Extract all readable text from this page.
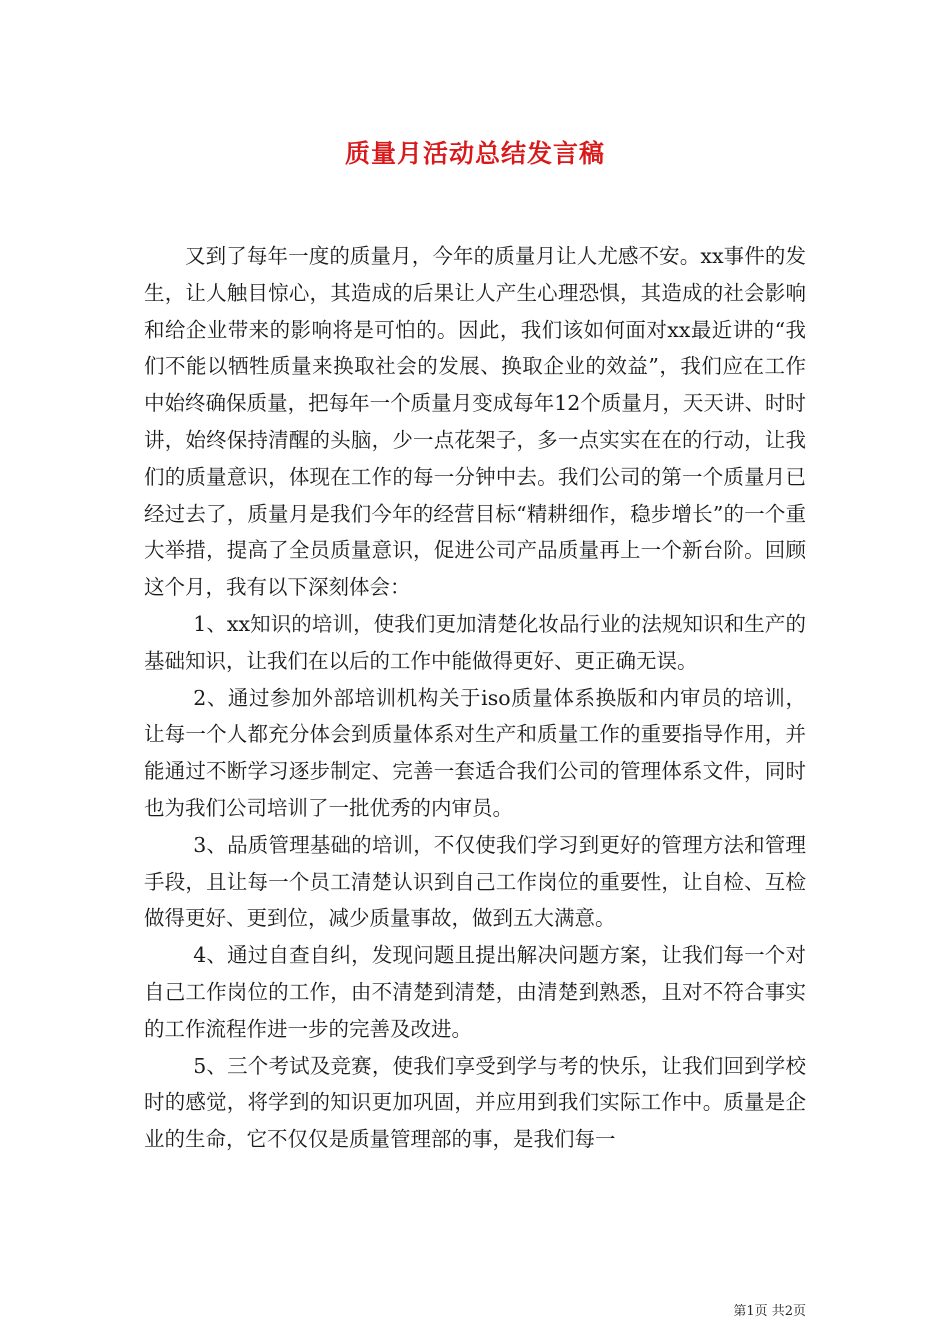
质量月活动总结发言稿

又到了每年一度的质量月，今年的质量月让人尤感不安。xx事件的发生，让人触目惊心，其造成的后果让人产生心理恐惧，其造成的社会影响和给企业带来的影响将是可怕的。因此，我们该如何面对xx最近讲的“我们不能以牺牲质量来换取社会的发展、换取企业的效益”，我们应在工作中始终确保质量，把每年一个质量月变成每年12个质量月，天天讲、时时讲，始终保持清醒的头脑，少一点花架子，多一点实实在在的行动，让我们的质量意识，体现在工作的每一分钟中去。我们公司的第一个质量月已经过去了，质量月是我们今年的经营目标“精耕细作，稳步增长”的一个重大举措，提高了全员质量意识，促进公司产品质量再上一个新台阶。回顾这个月，我有以下深刻体会：

1、xx知识的培训，使我们更加清楚化妆品行业的法规知识和生产的基础知识，让我们在以后的工作中能做得更好、更正确无误。

2、通过参加外部培训机构关于iso质量体系换版和内审员的培训，让每一个人都充分体会到质量体系对生产和质量工作的重要指导作用，并能通过不断学习逐步制定、完善一套适合我们公司的管理体系文件，同时也为我们公司培训了一批优秀的内审员。

3、品质管理基础的培训，不仅使我们学习到更好的管理方法和管理手段，且让每一个员工清楚认识到自己工作岗位的重要性，让自检、互检做得更好、更到位，减少质量事故，做到五大满意。

4、通过自查自纠，发现问题且提出解决问题方案，让我们每一个对自己工作岗位的工作，由不清楚到清楚，由清楚到熟悉，且对不符合事实的工作流程作进一步的完善及改进。

5、三个考试及竞赛，使我们享受到学与考的快乐，让我们回到学校时的感觉，将学到的知识更加巩固，并应用到我们实际工作中。质量是企业的生命，它不仅仅是质量管理部的事，是我们每一

第1页 共2页
